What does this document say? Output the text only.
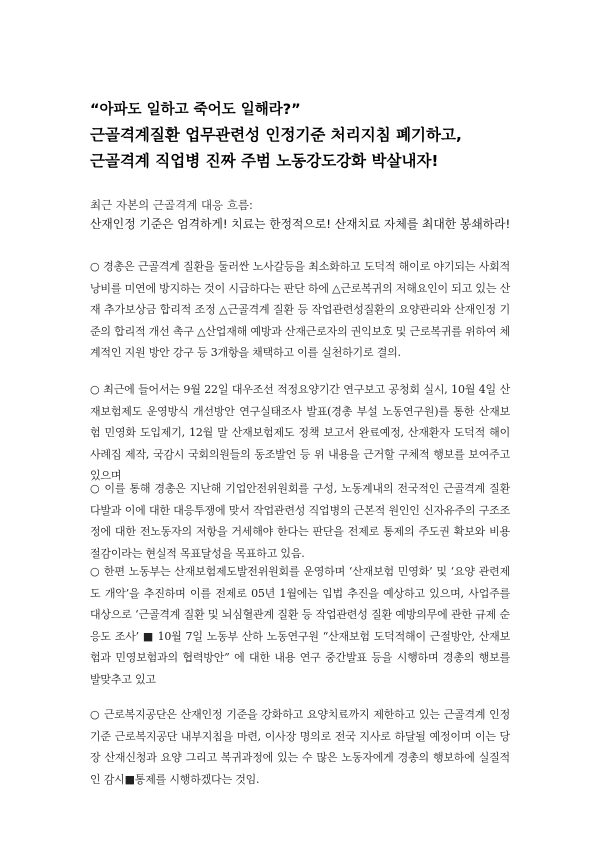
“아파도 일하고 죽어도 일해라?”
근골격계질환 업무관련성 인정기준 처리지침 폐기하고,
근골격계 직업병 진짜 주범 노동강도강화 박살내자!
최근 자본의 근골격계 대응 흐름:
산재인정 기준은 엄격하게! 치료는 한정적으로! 산재치료 자체를 최대한 봉쇄하라!

○ 경총은 근골격계 질환을 둘러싼 노사갈등을 최소화하고 도덕적 해이로 야기되는 사회적 낭비를 미연에 방지하는 것이 시급하다는 판단 하에 △근로복귀의 저해요인이 되고 있는 산재 추가보상금 합리적 조정 △근골격계 질환 등 작업관련성질환의 요양관리와 산재인정 기준의 합리적 개선 촉구 △산업재해 예방과 산재근로자의 권익보호 및 근로복귀를 위하여 체계적인 지원 방안 강구 등 3개항을 채택하고 이를 실천하기로 결의.

○ 최근에 들어서는 9월 22일 대우조선 적정요양기간 연구보고 공청회 실시, 10월 4일 산재보험제도 운영방식 개선방안 연구실태조사 발표(경총 부설 노동연구원)를 통한 산재보험 민영화 도입제기, 12월 말 산재보험제도 정책 보고서 완료예정, 산재환자 도덕적 해이 사례집 제작, 국감시 국회의원들의 동조발언 등 위 내용을 근거할 구체적 행보를 보여주고 있으며

○ 이를 통해 경총은 지난해 기업안전위원회를 구성, 노동계내의 전국적인 근골격계 질환 다발과 이에 대한 대응투쟁에 맞서 작업관련성 직업병의 근본적 원인인 신자유주의 구조조정에 대한 전노동자의 저항을 거세해야 한다는 판단을 전제로 통제의 주도권 확보와 비용절감이라는 현실적 목표달성을 목표하고 있음.

○ 한편 노동부는 산재보험제도발전위원회를 운영하며 ‘산재보험 민영화’ 및 ‘요양 관련제도 개악’을 추진하며 이를 전제로 05년 1월에는 입법 추진을 예상하고 있으며, 사업주를 대상으로 ‘근골격계 질환 및 뇌심혈관계 질환 등 작업관련성 질환 예방의무에 관한 규제 순응도 조사’ ■ 10월 7일 노동부 산하 노동연구원 “산재보험 도덕적해이 근절방안, 산재보험과 민영보험과의 협력방안” 에 대한 내용 연구 중간발표 등을 시행하며 경총의 행보를 발맞추고 있고

○ 근로복지공단은 산재인정 기준을 강화하고 요양치료까지 제한하고 있는 근골격계 인정기준 근로복지공단 내부지침을 마련, 이사장 명의로 전국 지사로 하달될 예정이며 이는 당장 산재신청과 요양 그리고 복귀과정에 있는 수 많은 노동자에게 경총의 행보하에 실질적인 감시■통제를 시행하겠다는 것임.
